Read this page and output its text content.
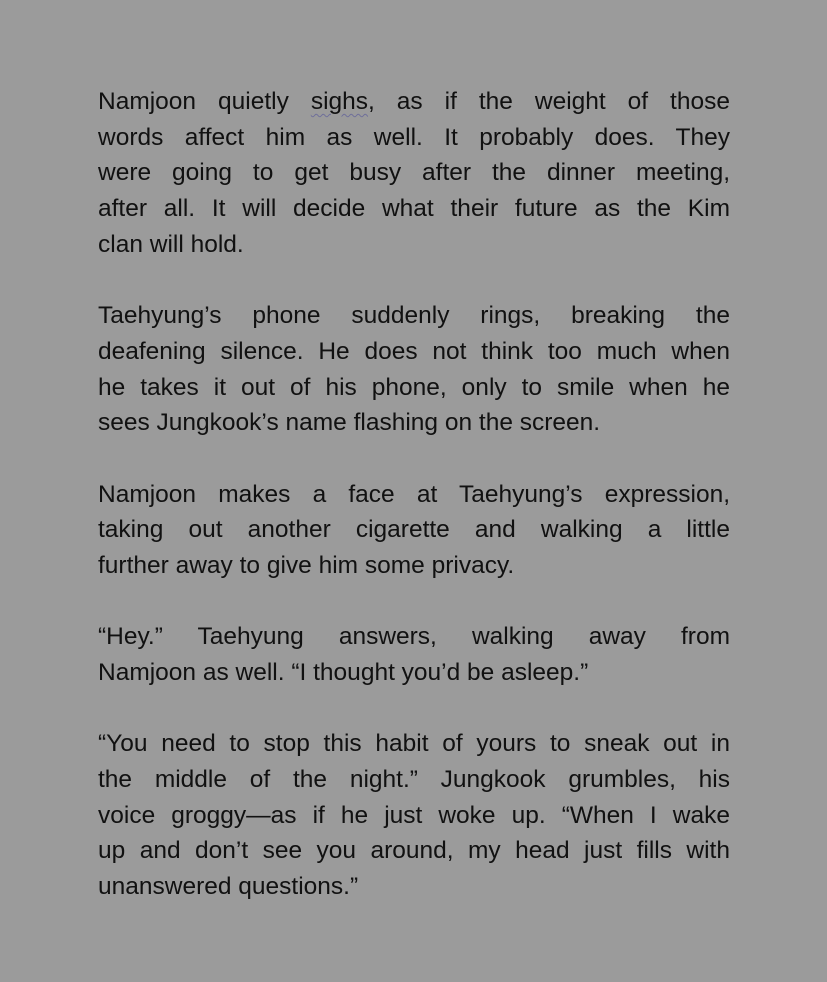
Namjoon quietly sighs, as if the weight of those
words affect him as well. It probably does. They
were going to get busy after the dinner meeting,
after all. It will decide what their future as the Kim
clan will hold.
Taehyung’s phone suddenly rings, breaking the
deafening silence. He does not think too much when
he takes it out of his phone, only to smile when he
sees Jungkook’s name flashing on the screen.
Namjoon makes a face at Taehyung’s expression,
taking out another cigarette and walking a little
further away to give him some privacy.
“Hey.” Taehyung answers, walking away from
Namjoon as well. “I thought you’d be asleep.”
“You need to stop this habit of yours to sneak out in
the middle of the night.” Jungkook grumbles, his
voice groggy—as if he just woke up. “When I wake
up and don’t see you around, my head just fills with
unanswered questions.”
